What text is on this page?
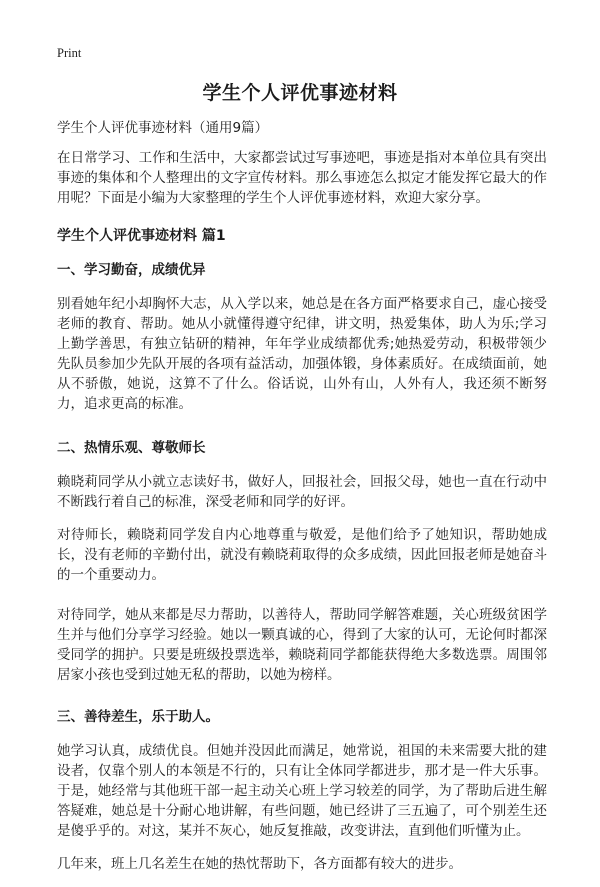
Print
学生个人评优事迹材料

学生个人评优事迹材料（通用9篇）

在日常学习、工作和生活中，大家都尝试过写事迹吧，事迹是指对本单位具有突出事迹的集体和个人整理出的文字宣传材料。那么事迹怎么拟定才能发挥它最大的作用呢？下面是小编为大家整理的学生个人评优事迹材料，欢迎大家分享。

学生个人评优事迹材料 篇1
一、学习勤奋，成绩优异

别看她年纪小却胸怀大志，从入学以来，她总是在各方面严格要求自己，虚心接受老师的教育、帮助。她从小就懂得遵守纪律，讲文明，热爱集体，助人为乐;学习上勤学善思，有独立钻研的精神，年年学业成绩都优秀;她热爱劳动，积极带领少先队员参加少先队开展的各项有益活动，加强体锻，身体素质好。在成绩面前，她从不骄傲，她说，这算不了什么。俗话说，山外有山，人外有人，我还须不断努力，追求更高的标准。

二、热情乐观、尊敬师长

赖晓莉同学从小就立志读好书，做好人，回报社会，回报父母，她也一直在行动中不断践行着自己的标准，深受老师和同学的好评。

对待师长，赖晓莉同学发自内心地尊重与敬爱，是他们给予了她知识，帮助她成长，没有老师的辛勤付出，就没有赖晓莉取得的众多成绩，因此回报老师是她奋斗的一个重要动力。

对待同学，她从来都是尽力帮助，以善待人，帮助同学解答难题，关心班级贫困学生并与他们分享学习经验。她以一颗真诚的心，得到了大家的认可，无论何时都深受同学的拥护。只要是班级投票选举，赖晓莉同学都能获得绝大多数选票。周围邻居家小孩也受到过她无私的帮助，以她为榜样。

三、善待差生，乐于助人。

她学习认真，成绩优良。但她并没因此而满足，她常说，祖国的未来需要大批的建设者，仅靠个别人的本领是不行的，只有让全体同学都进步，那才是一件大乐事。于是，她经常与其他班干部一起主动关心班上学习较差的同学，为了帮助后进生解答疑难，她总是十分耐心地讲解，有些问题，她已经讲了三五遍了，可个别差生还是傻乎乎的。对这，某并不灰心，她反复推敲，改变讲法，直到他们听懂为止。

几年来，班上几名差生在她的热忱帮助下，各方面都有较大的进步。
